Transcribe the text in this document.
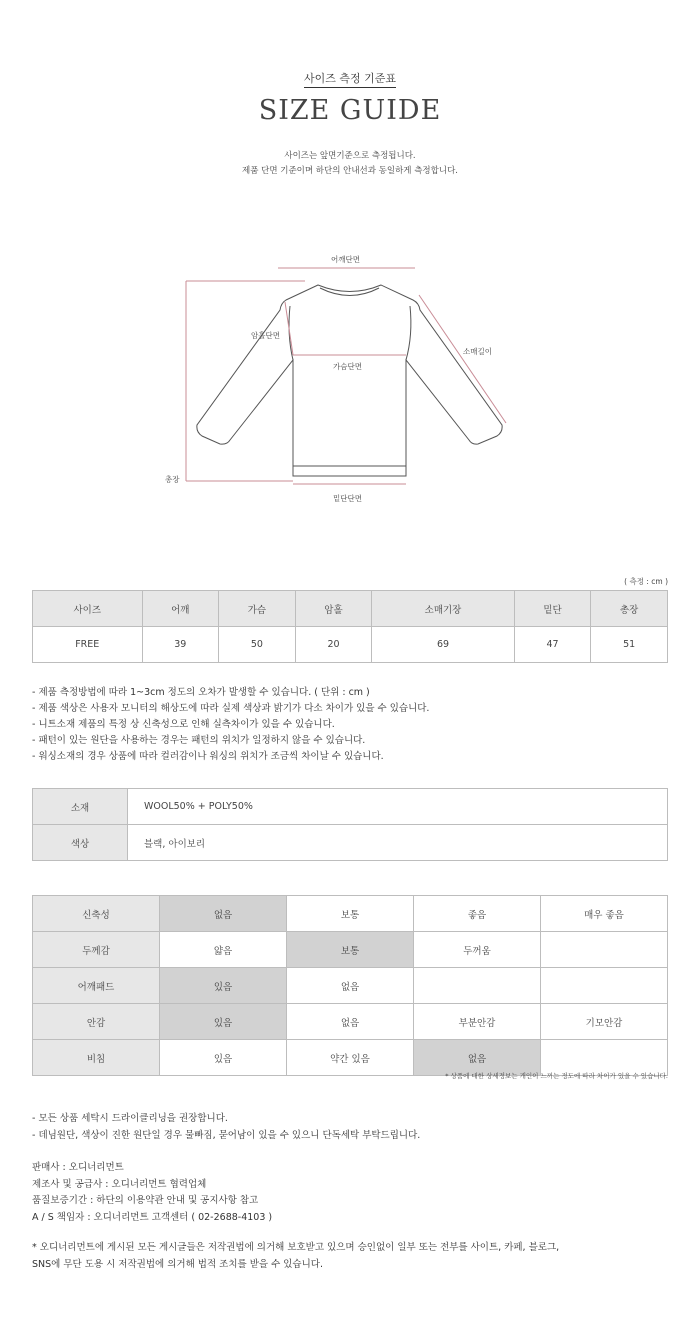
사이즈 측정 기준표
SIZE GUIDE
사이즈는 앞면기준으로 측정됩니다.
제품 단면 기준이며 하단의 안내선과 동일하게 측정합니다.
어깨단면
암홀단면
가슴단면
소매길이
총장
밑단단면
( 측정 : cm )
사이즈	어깨	가슴	암홀	소매기장	밑단	총장
FREE	39	50	20	69	47	51
- 제품 측정방법에 따라 1~3cm 정도의 오차가 발생할 수 있습니다. ( 단위 : cm )
- 제품 색상은 사용자 모니터의 해상도에 따라 실제 색상과 밝기가 다소 차이가 있을 수 있습니다.
- 니트소재 제품의 특정 상 신축성으로 인해 실측차이가 있을 수 있습니다.
- 패턴이 있는 원단을 사용하는 경우는 패턴의 위치가 일정하지 않을 수 있습니다.
- 워싱소재의 경우 상품에 따라 컬러감이나 워싱의 위치가 조금씩 차이날 수 있습니다.
소재	WOOL50% + POLY50%
색상	블랙, 아이보리
신축성	없음	보통	좋음	매우 좋음
두께감	얇음	보통	두꺼움	
어깨패드	있음	없음		
안감	있음	없음	부분안감	기모안감
비침	있음	약간 있음	없음	
* 상품에 대한 상세정보는 개인이 느끼는 정도에 따라 차이가 있을 수 있습니다.
- 모든 상품 세탁시 드라이클리닝을 권장합니다.
- 데님원단, 색상이 진한 원단일 경우 물빠짐, 묻어남이 있을 수 있으니 단독세탁 부탁드립니다.
판매사 : 오디너리먼트
제조사 및 공급사 : 오디너리먼트 협력업체
품질보증기간 : 하단의 이용약관 안내 및 공지사항 참고
A / S 책임자 : 오디너리먼트 고객센터 ( 02-2688-4103 )
* 오디너리먼트에 게시된 모든 게시글들은 저작권법에 의거해 보호받고 있으며 승인없이 일부 또는 전부를 사이트, 카페, 블로그,
SNS에 무단 도용 시 저작권법에 의거해 법적 조치를 받을 수 있습니다.
